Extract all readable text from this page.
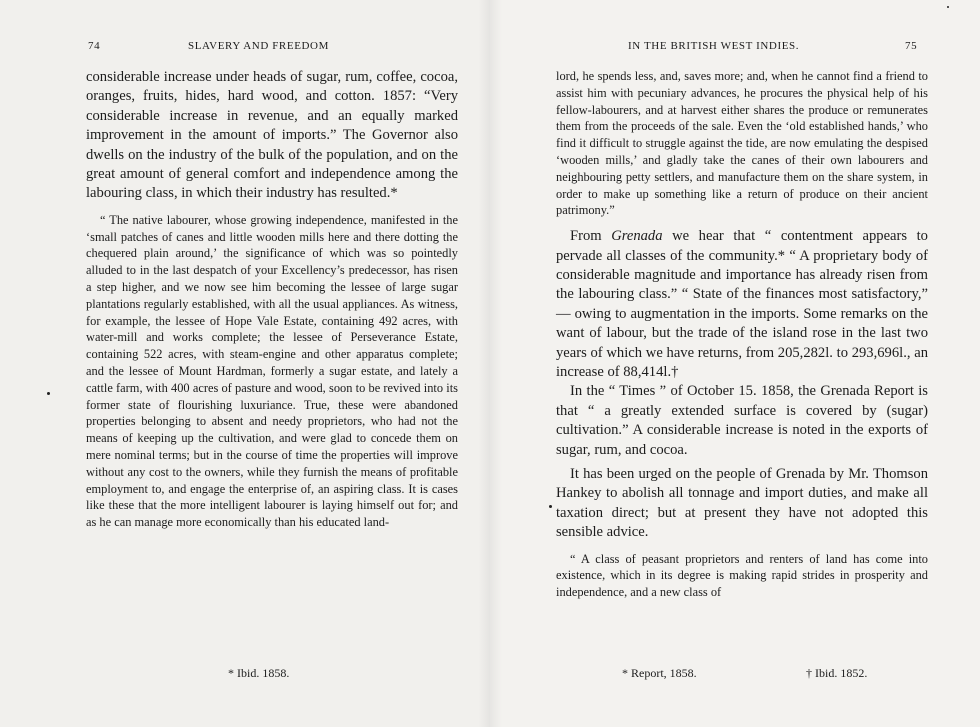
74	SLAVERY AND FREEDOM	IN THE BRITISH WEST INDIES.	75

considerable increase under heads of sugar, rum, coffee, cocoa, oranges, fruits, hides, hard wood, and cotton. 1857: “Very considerable increase in revenue, and an equally marked improvement in the amount of imports.” The Governor also dwells on the industry of the bulk of the population, and on the great amount of general comfort and independence among the labouring class, in which their industry has resulted.*

“ The native labourer, whose growing independence, manifested in the ‘small patches of canes and little wooden mills here and there dotting the chequered plain around,’ the significance of which was so pointedly alluded to in the last despatch of your Excellency’s predecessor, has risen a step higher, and we now see him becoming the lessee of large sugar plantations regularly established, with all the usual appliances. As witness, for example, the lessee of Hope Vale Estate, containing 492 acres, with water-mill and works complete; the lessee of Perseverance Estate, containing 522 acres, with steam-engine and other apparatus complete; and the lessee of Mount Hardman, formerly a sugar estate, and lately a cattle farm, with 400 acres of pasture and wood, soon to be revived into its former state of flourishing luxuriance. True, these were abandoned properties belonging to absent and needy proprietors, who had not the means of keeping up the cultivation, and were glad to concede them on mere nominal terms; but in the course of time the properties will improve without any cost to the owners, while they furnish the means of profitable employment to, and engage the enterprise of, an aspiring class. It is cases like these that the more intelligent labourer is laying himself out for; and as he can manage more economically than his educated land-

* Ibid. 1858.

lord, he spends less, and, saves more; and, when he cannot find a friend to assist him with pecuniary advances, he procures the physical help of his fellow-labourers, and at harvest either shares the produce or remunerates them from the proceeds of the sale. Even the ‘old established hands,’ who find it difficult to struggle against the tide, are now emulating the despised ‘wooden mills,’ and gladly take the canes of their own labourers and neighbouring petty settlers, and manufacture them on the share system, in order to make up something like a return of produce on their ancient patrimony.”

From Grenada we hear that “ contentment appears to pervade all classes of the community.* “ A proprietary body of considerable magnitude and importance has already risen from the labouring class.” “ State of the finances most satisfactory,” — owing to augmentation in the imports. Some remarks on the want of labour, but the trade of the island rose in the last two years of which we have returns, from 205,282l. to 293,696l., an increase of 88,414l.†

In the “ Times ” of October 15. 1858, the Grenada Report is that “ a greatly extended surface is covered by (sugar) cultivation.” A considerable increase is noted in the exports of sugar, rum, and cocoa.

It has been urged on the people of Grenada by Mr. Thomson Hankey to abolish all tonnage and import duties, and make all taxation direct; but at present they have not adopted this sensible advice.

“ A class of peasant proprietors and renters of land has come into existence, which in its degree is making rapid strides in prosperity and independence, and a new class of

* Report, 1858.	† Ibid. 1852.
